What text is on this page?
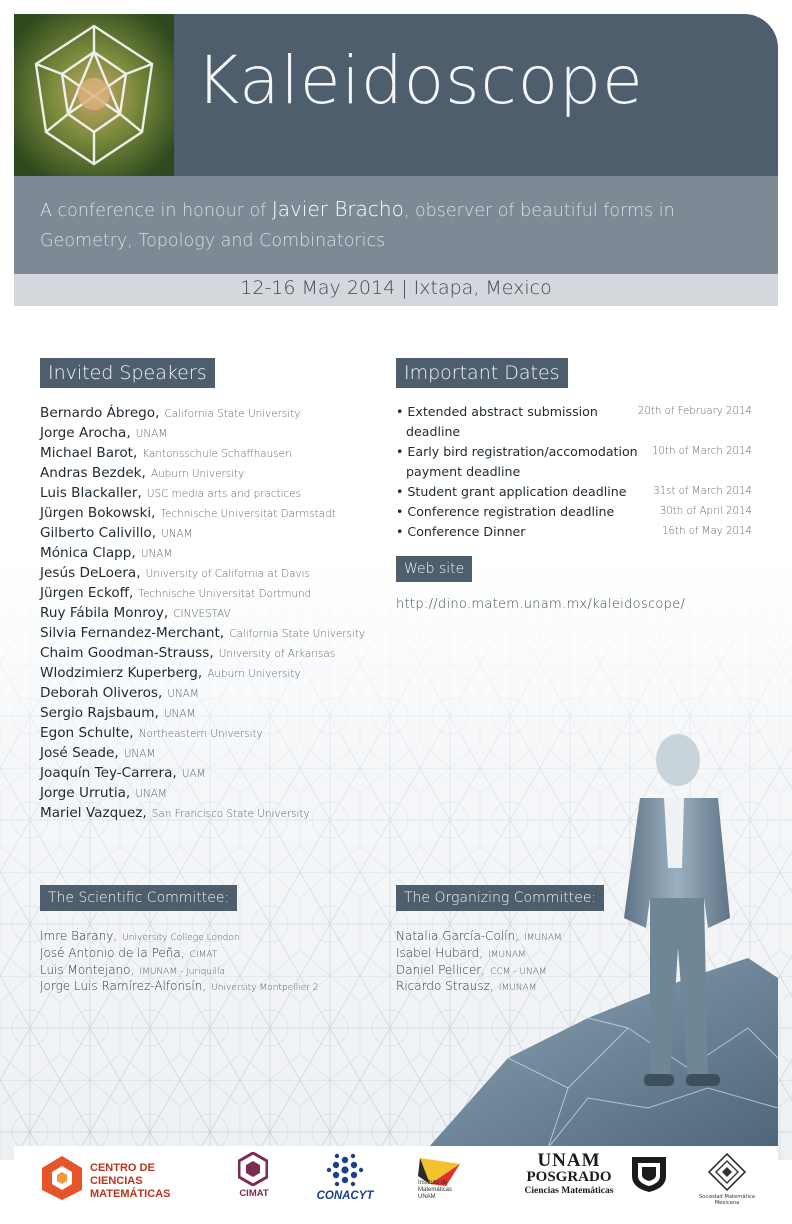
Kaleidoscope
A conference in honour of Javier Bracho, observer of beautiful forms in Geometry, Topology and Combinatorics
12-16 May 2014 | Ixtapa, Mexico
Invited Speakers
Bernardo Ábrego, California State University
Jorge Arocha, UNAM
Michael Barot, Kantonsschule Schaffhausen
Andras Bezdek, Auburn University
Luis Blackaller, USC media arts and practices
Jürgen Bokowski, Technische Universität Darmstadt
Gilberto Calivillo, UNAM
Mónica Clapp, UNAM
Jesús DeLoera, University of California at Davis
Jürgen Eckoff, Technische Universität Dortmund
Ruy Fábila Monroy, CINVESTAV
Silvia Fernandez-Merchant, California State University
Chaim Goodman-Strauss, University of Arkansas
Wlodzimierz Kuperberg, Auburn University
Deborah Oliveros, UNAM
Sergio Rajsbaum, UNAM
Egon Schulte, Northeastern University
José Seade, UNAM
Joaquín Tey-Carrera, UAM
Jorge Urrutia, UNAM
Mariel Vazquez, San Francisco State University
Important Dates
• Extended abstract submission deadline
20th of February 2014
• Early bird registration/accomodation payment deadline
10th of March 2014
• Student grant application deadline	31st of March 2014
• Conference registration deadline	30th of April 2014
• Conference Dinner	16th of May 2014
Web site
http://dino.matem.unam.mx/kaleidoscope/
The Scientific Committee:
Imre Barany, University College London
José Antonio de la Peña, CIMAT
Luis Montejano, IMUNAM - Juriquilla
Jorge Luis Ramírez-Alfonsín, University Montpellier 2
The Organizing Committee:
Natalia García-Colín, IMUNAM
Isabel Hubard, IMUNAM
Daniel Pellicer, CCM - UNAM
Ricardo Strausz, IMUNAM
CENTRO DE CIENCIAS
MATEMÁTICAS	CIMAT	CONACYT
Instituto de
Matemáticas
UNAM
UNAM
POSGRADO
Ciencias Matemáticas
Sociedad Matemática Mexicana
